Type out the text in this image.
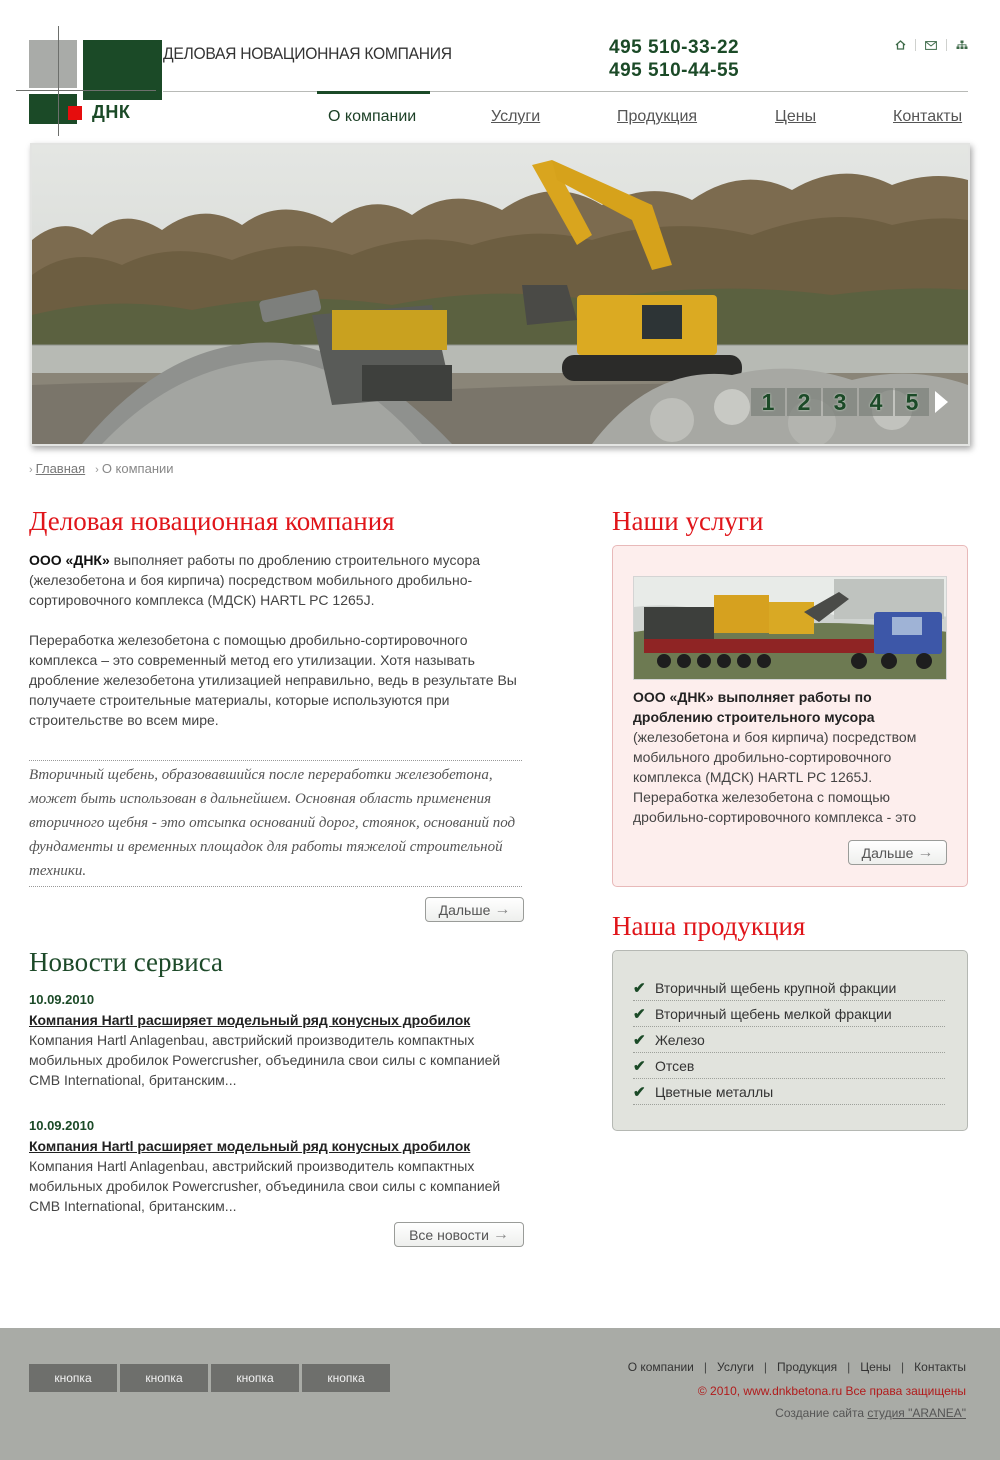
ДНК
ДЕЛОВАЯ НОВАЦИОННАЯ КОМПАНИЯ	495 510-33-22
495 510-44-55
О компании	Услуги	Продукция	Цены	Контакты
1	2	3	4	5
› Главная › О компании
Деловая новационная компания

ООО «ДНК» выполняет работы по дроблению строительного мусора (железобетона и боя кирпича) посредством мобильного дробильно-сортировочного комплекса (МДСК) HARTL PC 1265J.

Переработка железобетона с помощью дробильно-сортировочного комплекса – это современный метод его утилизации. Хотя называть дробление железобетона утилизацией неправильно, ведь в результате Вы получаете строительные материалы, которые используются при строительстве во всем мире.

Вторичный щебень, образовавшийся после переработки железобетона, может быть использован в дальнейшем. Основная область применения вторичного щебня - это отсыпка оснований дорог, стоянок, оснований под фундаменты и временных площадок для работы тяжелой строительной техники.

Дальше →
Новости сервиса
10.09.2010
Компания Hartl расширяет модельный ряд конусных дробилок
Компания Hartl Anlagenbau, австрийский производитель компактных мобильных дробилок Powercrusher, объединила свои силы с компанией CMB International, британским...
10.09.2010
Компания Hartl расширяет модельный ряд конусных дробилок
Компания Hartl Anlagenbau, австрийский производитель компактных мобильных дробилок Powercrusher, объединила свои силы с компанией CMB International, британским...
Все новости →
Наши услуги
ООО «ДНК» выполняет работы по дроблению строительного мусора (железобетона и боя кирпича) посредством мобильного дробильно-сортировочного комплекса (МДСК) HARTL PC 1265J. Переработка железобетона с помощью дробильно-сортировочного комплекса - это
Дальше →
Наша продукция
✔ Вторичный щебень крупной фракции
✔ Вторичный щебень мелкой фракции
✔ Железо
✔ Отсев
✔ Цветные металлы
кнопка	кнопка	кнопка	кнопка
О компании | Услуги | Продукция | Цены | Контакты
© 2010, www.dnkbetona.ru Все права защищены
Создание сайта студия "ARANEA"
